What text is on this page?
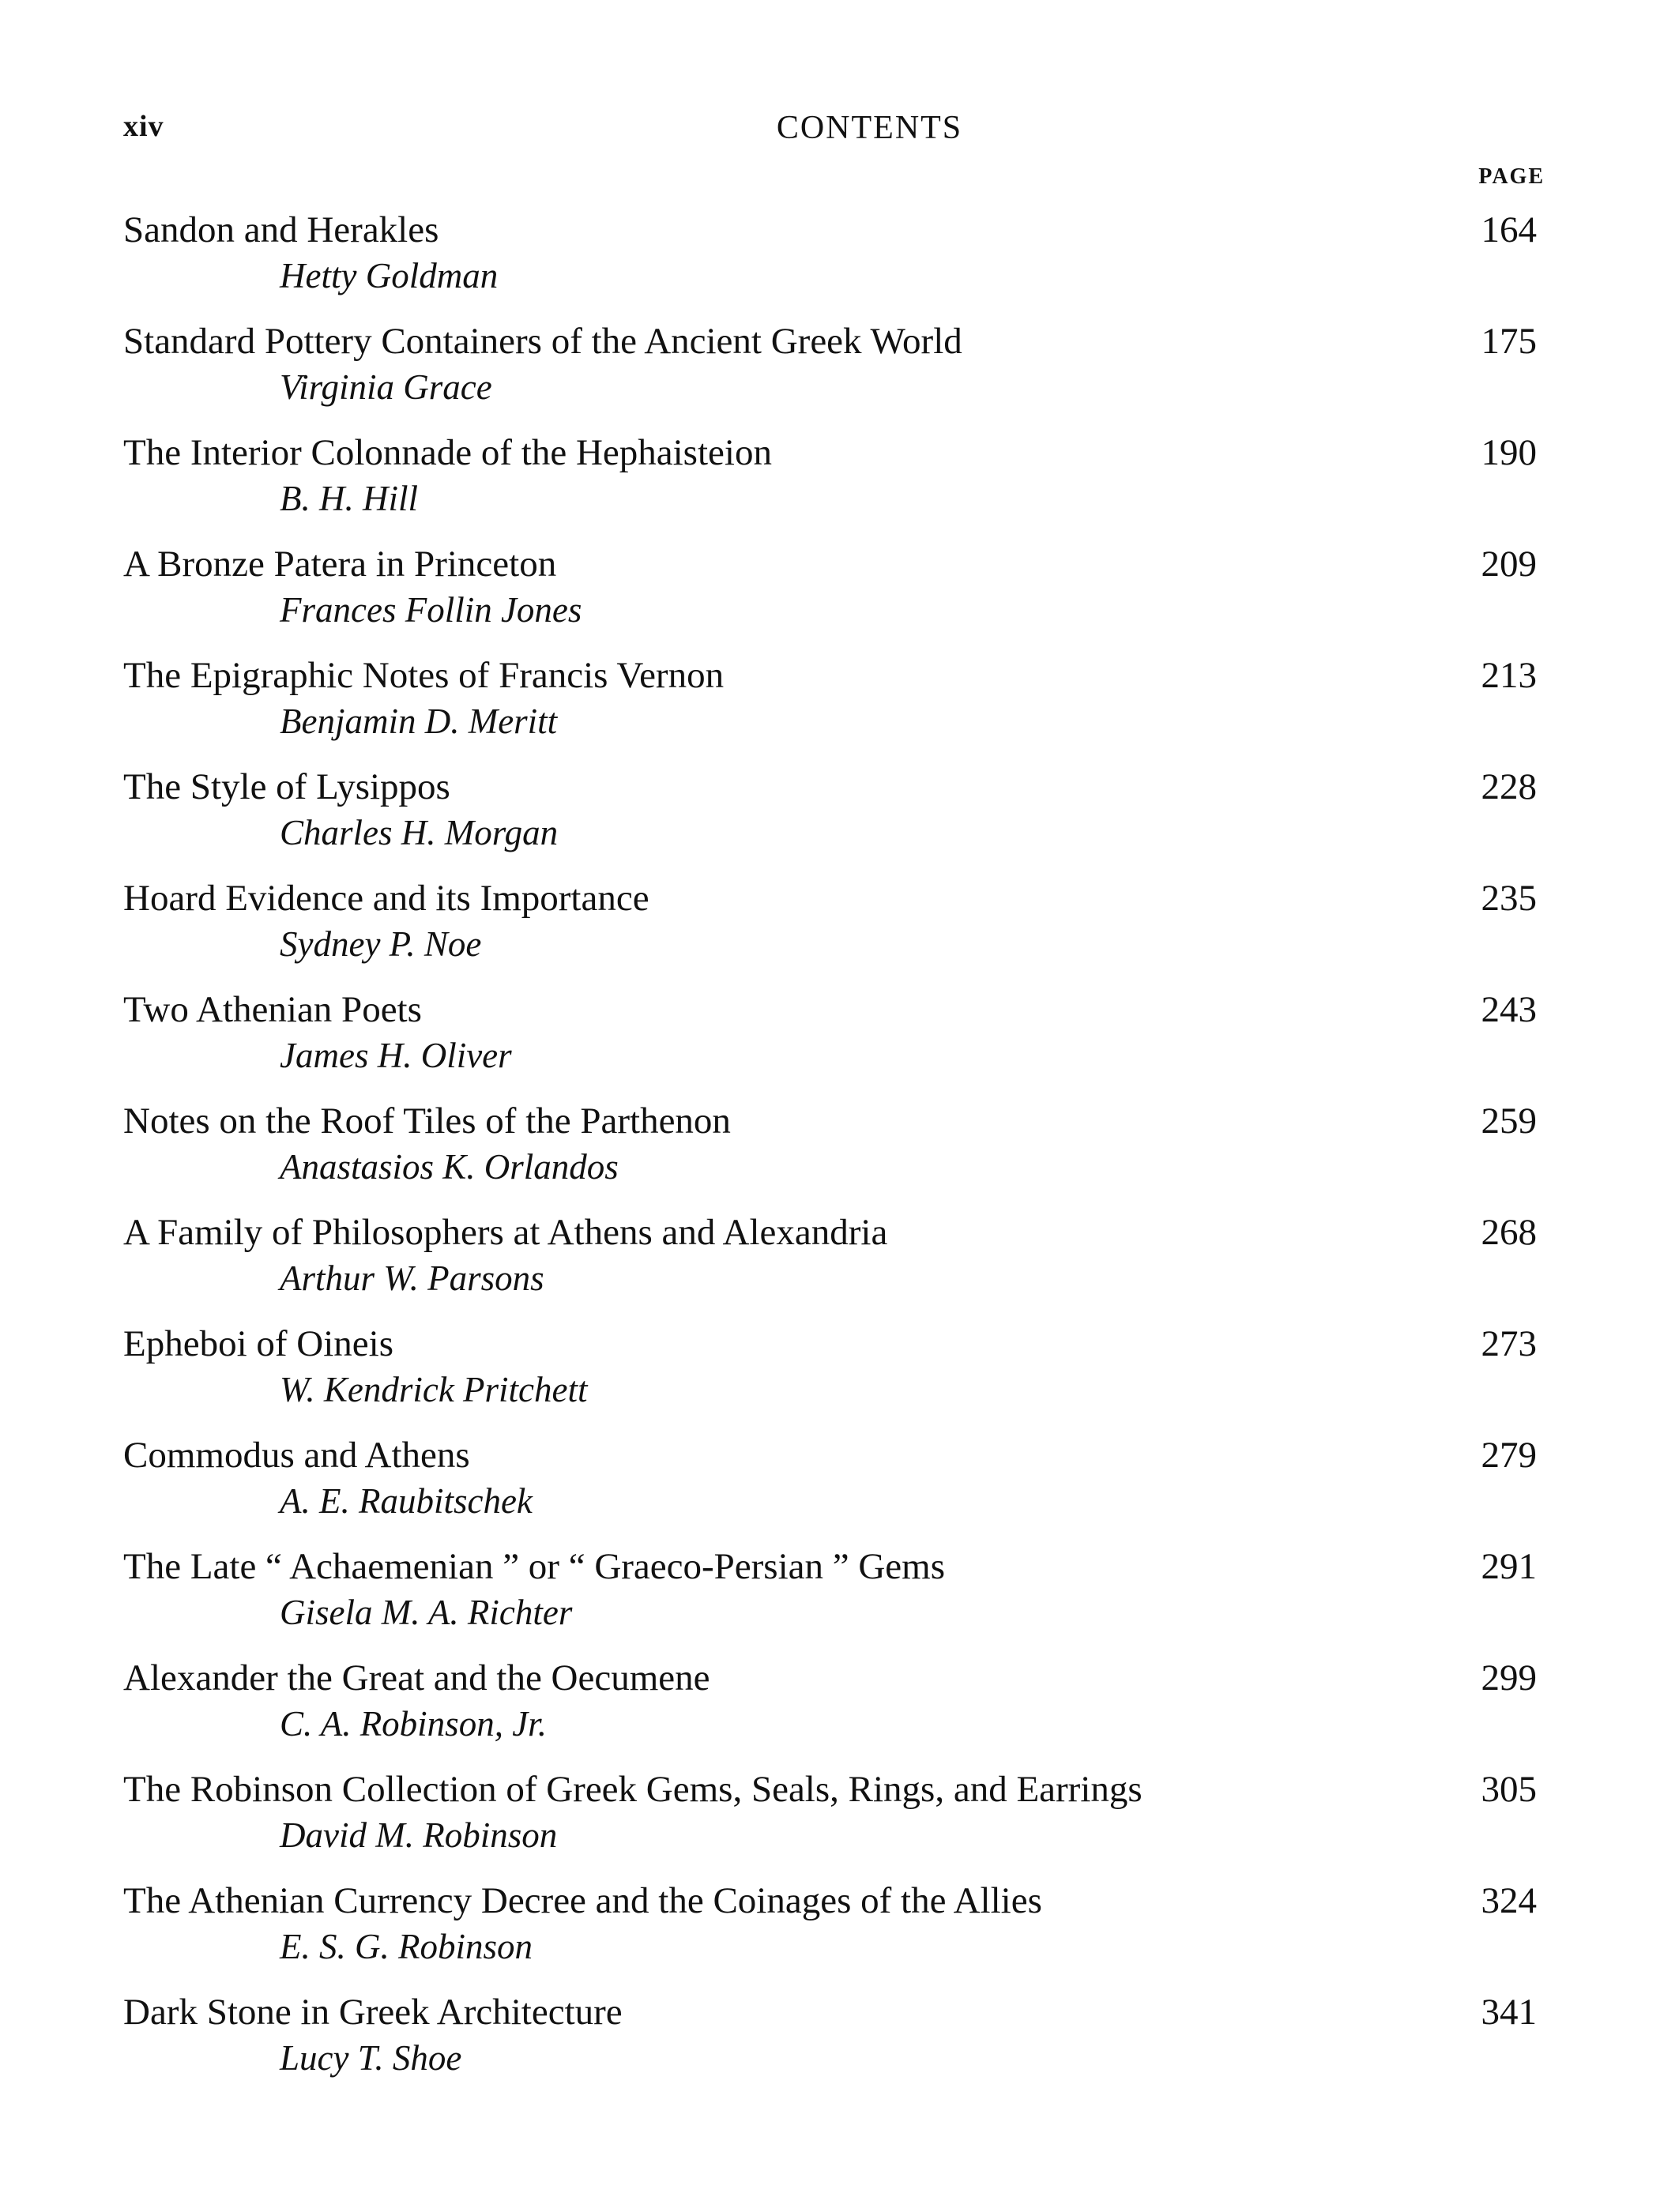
xiv	CONTENTS
PAGE
Sandon and Herakles
Hetty Goldman
164
Standard Pottery Containers of the Ancient Greek World
Virginia Grace
175
The Interior Colonnade of the Hephaisteion
B. H. Hill
190
A Bronze Patera in Princeton
Frances Follin Jones
209
The Epigraphic Notes of Francis Vernon
Benjamin D. Meritt
213
The Style of Lysippos
Charles H. Morgan
228
Hoard Evidence and its Importance
Sydney P. Noe
235
Two Athenian Poets
James H. Oliver
243
Notes on the Roof Tiles of the Parthenon
Anastasios K. Orlandos
259
A Family of Philosophers at Athens and Alexandria
Arthur W. Parsons
268
Epheboi of Oineis
W. Kendrick Pritchett
273
Commodus and Athens
A. E. Raubitschek
279
The Late “ Achaemenian ” or “ Graeco-Persian ” Gems
Gisela M. A. Richter
291
Alexander the Great and the Oecumene
C. A. Robinson, Jr.
299
The Robinson Collection of Greek Gems, Seals, Rings, and Earrings
David M. Robinson
305
The Athenian Currency Decree and the Coinages of the Allies
E. S. G. Robinson
324
Dark Stone in Greek Architecture
Lucy T. Shoe
341
